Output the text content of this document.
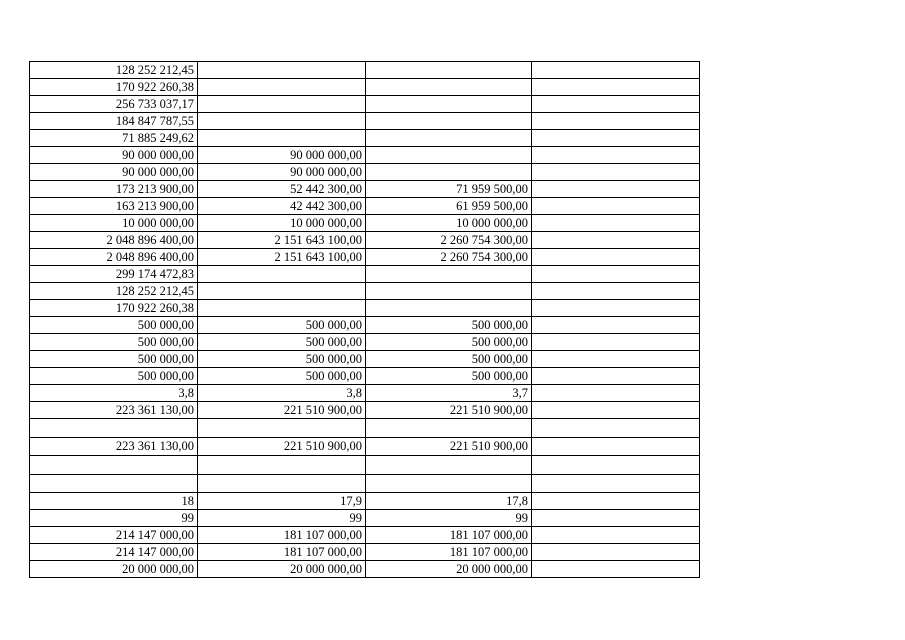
128 252 212,45			
170 922 260,38			
256 733 037,17			
184 847 787,55			
71 885 249,62			
90 000 000,00	90 000 000,00		
90 000 000,00	90 000 000,00		
173 213 900,00	52 442 300,00	71 959 500,00	
163 213 900,00	42 442 300,00	61 959 500,00	
10 000 000,00	10 000 000,00	10 000 000,00	
2 048 896 400,00	2 151 643 100,00	2 260 754 300,00	
2 048 896 400,00	2 151 643 100,00	2 260 754 300,00	
299 174 472,83			
128 252 212,45			
170 922 260,38			
500 000,00	500 000,00	500 000,00	
500 000,00	500 000,00	500 000,00	
500 000,00	500 000,00	500 000,00	
500 000,00	500 000,00	500 000,00	
3,8	3,8	3,7	
223 361 130,00	221 510 900,00	221 510 900,00	

223 361 130,00	221 510 900,00	221 510 900,00	

18	17,9	17,8	
99	99	99	
214 147 000,00	181 107 000,00	181 107 000,00	
214 147 000,00	181 107 000,00	181 107 000,00	
20 000 000,00	20 000 000,00	20 000 000,00	
